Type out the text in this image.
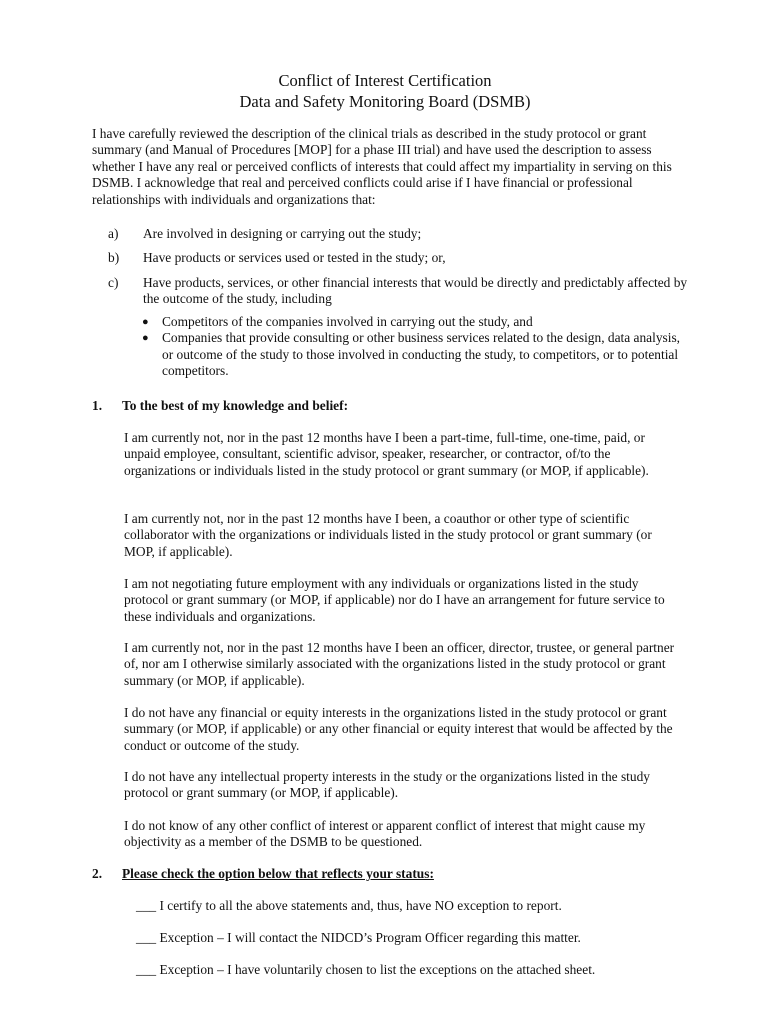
Conflict of Interest Certification
Data and Safety Monitoring Board (DSMB)
I have carefully reviewed the description of the clinical trials as described in the study protocol or grant summary (and Manual of Procedures [MOP] for a phase III trial) and have used the description to assess whether I have any real or perceived conflicts of interests that could affect my impartiality in serving on this DSMB. I acknowledge that real and perceived conflicts could arise if I have financial or professional relationships with individuals and organizations that:
a)	Are involved in designing or carrying out the study;
b)	Have products or services used or tested in the study; or,
c)	Have products, services, or other financial interests that would be directly and predictably affected by the outcome of the study, including
● Competitors of the companies involved in carrying out the study, and
● Companies that provide consulting or other business services related to the design, data analysis, or outcome of the study to those involved in conducting the study, to competitors, or to potential competitors.
1.	To the best of my knowledge and belief:
I am currently not, nor in the past 12 months have I been a part-time, full-time, one-time, paid, or unpaid employee, consultant, scientific advisor, speaker, researcher, or contractor, of/to the organizations or individuals listed in the study protocol or grant summary (or MOP, if applicable).
I am currently not, nor in the past 12 months have I been, a coauthor or other type of scientific collaborator with the organizations or individuals listed in the study protocol or grant summary (or MOP, if applicable).
I am not negotiating future employment with any individuals or organizations listed in the study protocol or grant summary (or MOP, if applicable) nor do I have an arrangement for future service to these individuals and organizations.
I am currently not, nor in the past 12 months have I been an officer, director, trustee, or general partner of, nor am I otherwise similarly associated with the organizations listed in the study protocol or grant summary (or MOP, if applicable).
I do not have any financial or equity interests in the organizations listed in the study protocol or grant summary (or MOP, if applicable) or any other financial or equity interest that would be affected by the conduct or outcome of the study.
I do not have any intellectual property interests in the study or the organizations listed in the study protocol or grant summary (or MOP, if applicable).
I do not know of any other conflict of interest or apparent conflict of interest that might cause my objectivity as a member of the DSMB to be questioned.
2.	Please check the option below that reflects your status:
___ I certify to all the above statements and, thus, have NO exception to report.
___ Exception – I will contact the NIDCD’s Program Officer regarding this matter.
___ Exception – I have voluntarily chosen to list the exceptions on the attached sheet.
